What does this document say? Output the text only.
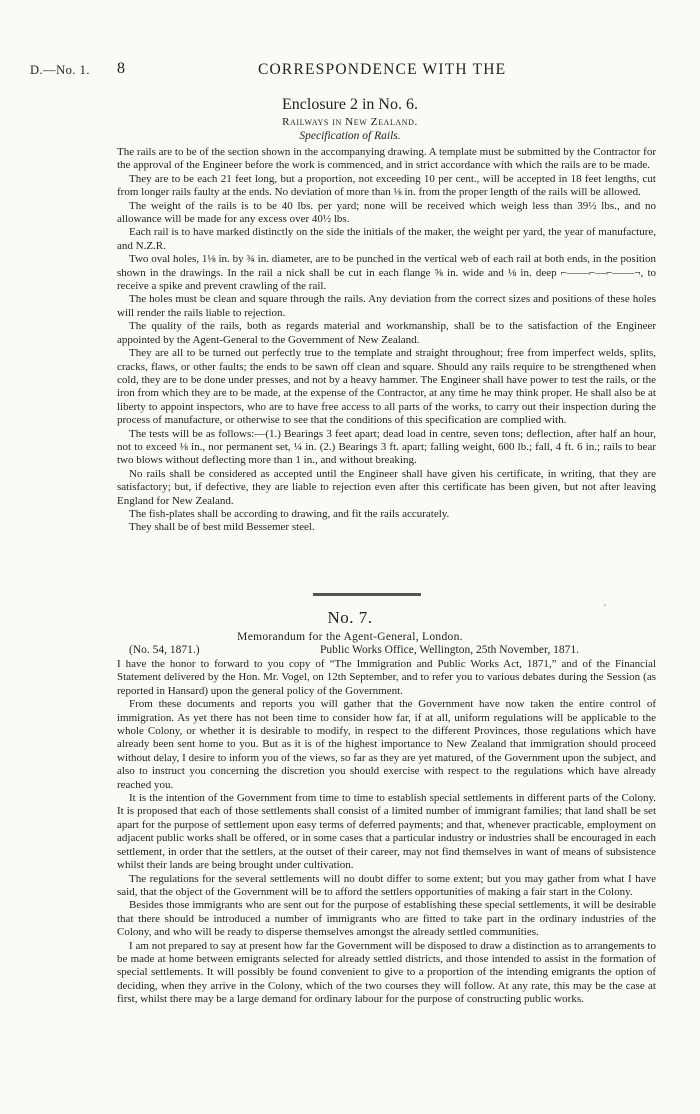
D.—No. 1. 8	CORRESPONDENCE WITH THE
Enclosure 2 in No. 6.
Railways in New Zealand.
Specification of Rails.

The rails are to be of the section shown in the accompanying drawing. A template must be submitted by the Contractor for the approval of the Engineer before the work is commenced, and in strict accordance with which the rails are to be made.

They are to be each 21 feet long, but a proportion, not exceeding 10 per cent., will be accepted in 18 feet lengths, cut from longer rails faulty at the ends. No deviation of more than ⅛ in. from the proper length of the rails will be allowed.

The weight of the rails is to be 40 lbs. per yard; none will be received which weigh less than 39½ lbs., and no allowance will be made for any excess over 40½ lbs.

Each rail is to have marked distinctly on the side the initials of the maker, the weight per yard, the year of manufacture, and N.Z.R.

Two oval holes, 1⅛ in. by ¾ in. diameter, are to be punched in the vertical web of each rail at both ends, in the position shown in the drawings. In the rail a nick shall be cut in each flange ⅝ in. wide and ⅛ in. deep ⌐——⌐—⌐——¬, to receive a spike and prevent crawling of the rail.

The holes must be clean and square through the rails. Any deviation from the correct sizes and positions of these holes will render the rails liable to rejection.

The quality of the rails, both as regards material and workmanship, shall be to the satisfaction of the Engineer appointed by the Agent-General to the Government of New Zealand.

They are all to be turned out perfectly true to the template and straight throughout; free from imperfect welds, splits, cracks, flaws, or other faults; the ends to be sawn off clean and square. Should any rails require to be strengthened when cold, they are to be done under presses, and not by a heavy hammer. The Engineer shall have power to test the rails, or the iron from which they are to be made, at the expense of the Contractor, at any time he may think proper. He shall also be at liberty to appoint inspectors, who are to have free access to all parts of the works, to carry out their inspection during the process of manufacture, or otherwise to see that the conditions of this specification are complied with.

The tests will be as follows:—(1.) Bearings 3 feet apart; dead load in centre, seven tons; deflection, after half an hour, not to exceed ⅛ in., nor permanent set, ¼ in. (2.) Bearings 3 ft. apart; falling weight, 600 lb.; fall, 4 ft. 6 in.; rails to bear two blows without deflecting more than 1 in., and without breaking.

No rails shall be considered as accepted until the Engineer shall have given his certificate, in writing, that they are satisfactory; but, if defective, they are liable to rejection even after this certificate has been given, but not after leaving England for New Zealand.

The fish-plates shall be according to drawing, and fit the rails accurately.

They shall be of best mild Bessemer steel.

'
No. 7.
Memorandum for the Agent-General, London.
(No. 54, 1871.)	Public Works Office, Wellington, 25th November, 1871.

I have the honor to forward to you copy of “The Immigration and Public Works Act, 1871,” and of the Financial Statement delivered by the Hon. Mr. Vogel, on 12th September, and to refer you to various debates during the Session (as reported in Hansard) upon the general policy of the Government.

From these documents and reports you will gather that the Government have now taken the entire control of immigration. As yet there has not been time to consider how far, if at all, uniform regulations will be applicable to the whole Colony, or whether it is desirable to modify, in respect to the different Provinces, those regulations which have already been sent home to you. But as it is of the highest importance to New Zealand that immigration should proceed without delay, I desire to inform you of the views, so far as they are yet matured, of the Government upon the subject, and also to instruct you concerning the discretion you should exercise with respect to the regulations which have already reached you.

It is the intention of the Government from time to time to establish special settlements in different parts of the Colony. It is proposed that each of those settlements shall consist of a limited number of immigrant families; that land shall be set apart for the purpose of settlement upon easy terms of deferred payments; and that, whenever practicable, employment on adjacent public works shall be offered, or in some cases that a particular industry or industries shall be encouraged in each settlement, in order that the settlers, at the outset of their career, may not find themselves in want of means of subsistence whilst their lands are being brought under cultivation.

The regulations for the several settlements will no doubt differ to some extent; but you may gather from what I have said, that the object of the Government will be to afford the settlers opportunities of making a fair start in the Colony.

Besides those immigrants who are sent out for the purpose of establishing these special settlements, it will be desirable that there should be introduced a number of immigrants who are fitted to take part in the ordinary industries of the Colony, and who will be ready to disperse themselves amongst the already settled communities.

I am not prepared to say at present how far the Government will be disposed to draw a distinction as to arrangements to be made at home between emigrants selected for already settled districts, and those intended to assist in the formation of special settlements. It will possibly be found convenient to give to a proportion of the intending emigrants the option of deciding, when they arrive in the Colony, which of the two courses they will follow. At any rate, this may be the case at first, whilst there may be a large demand for ordinary labour for the purpose of constructing public works.
